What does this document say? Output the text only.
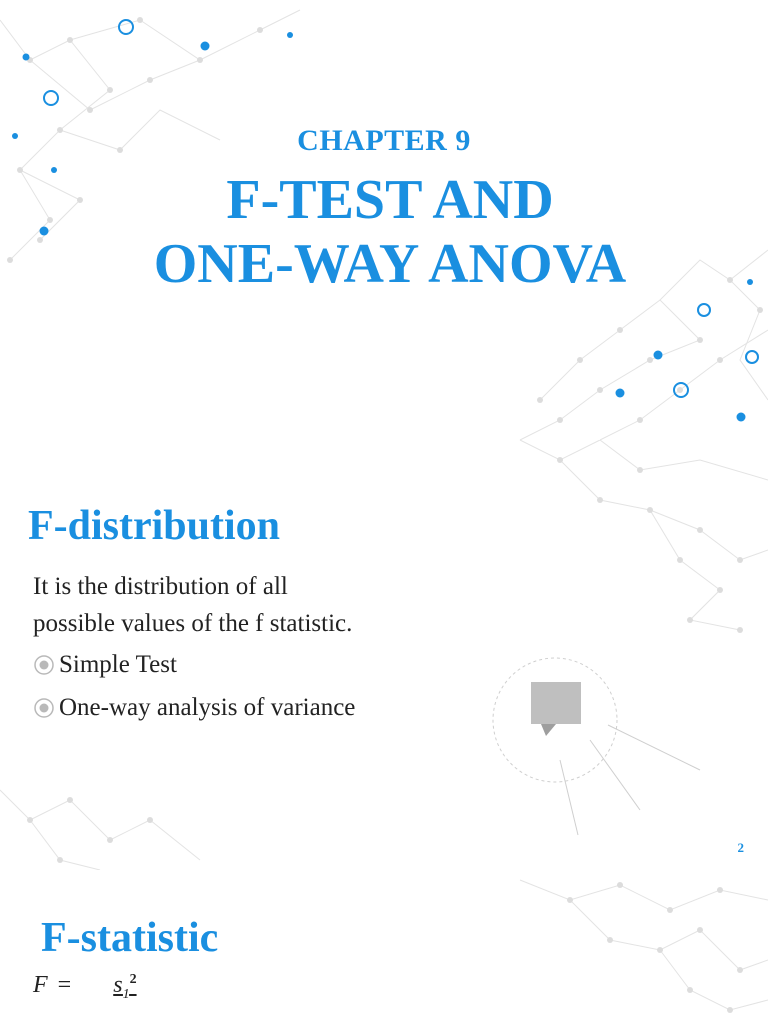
CHAPTER 9
F-TEST AND
ONE-WAY ANOVA
F-distribution
It is the distribution of all
possible values of the f statistic.
Simple Test
One-way analysis of variance
2
F-statistic
$F = s_1^2$
